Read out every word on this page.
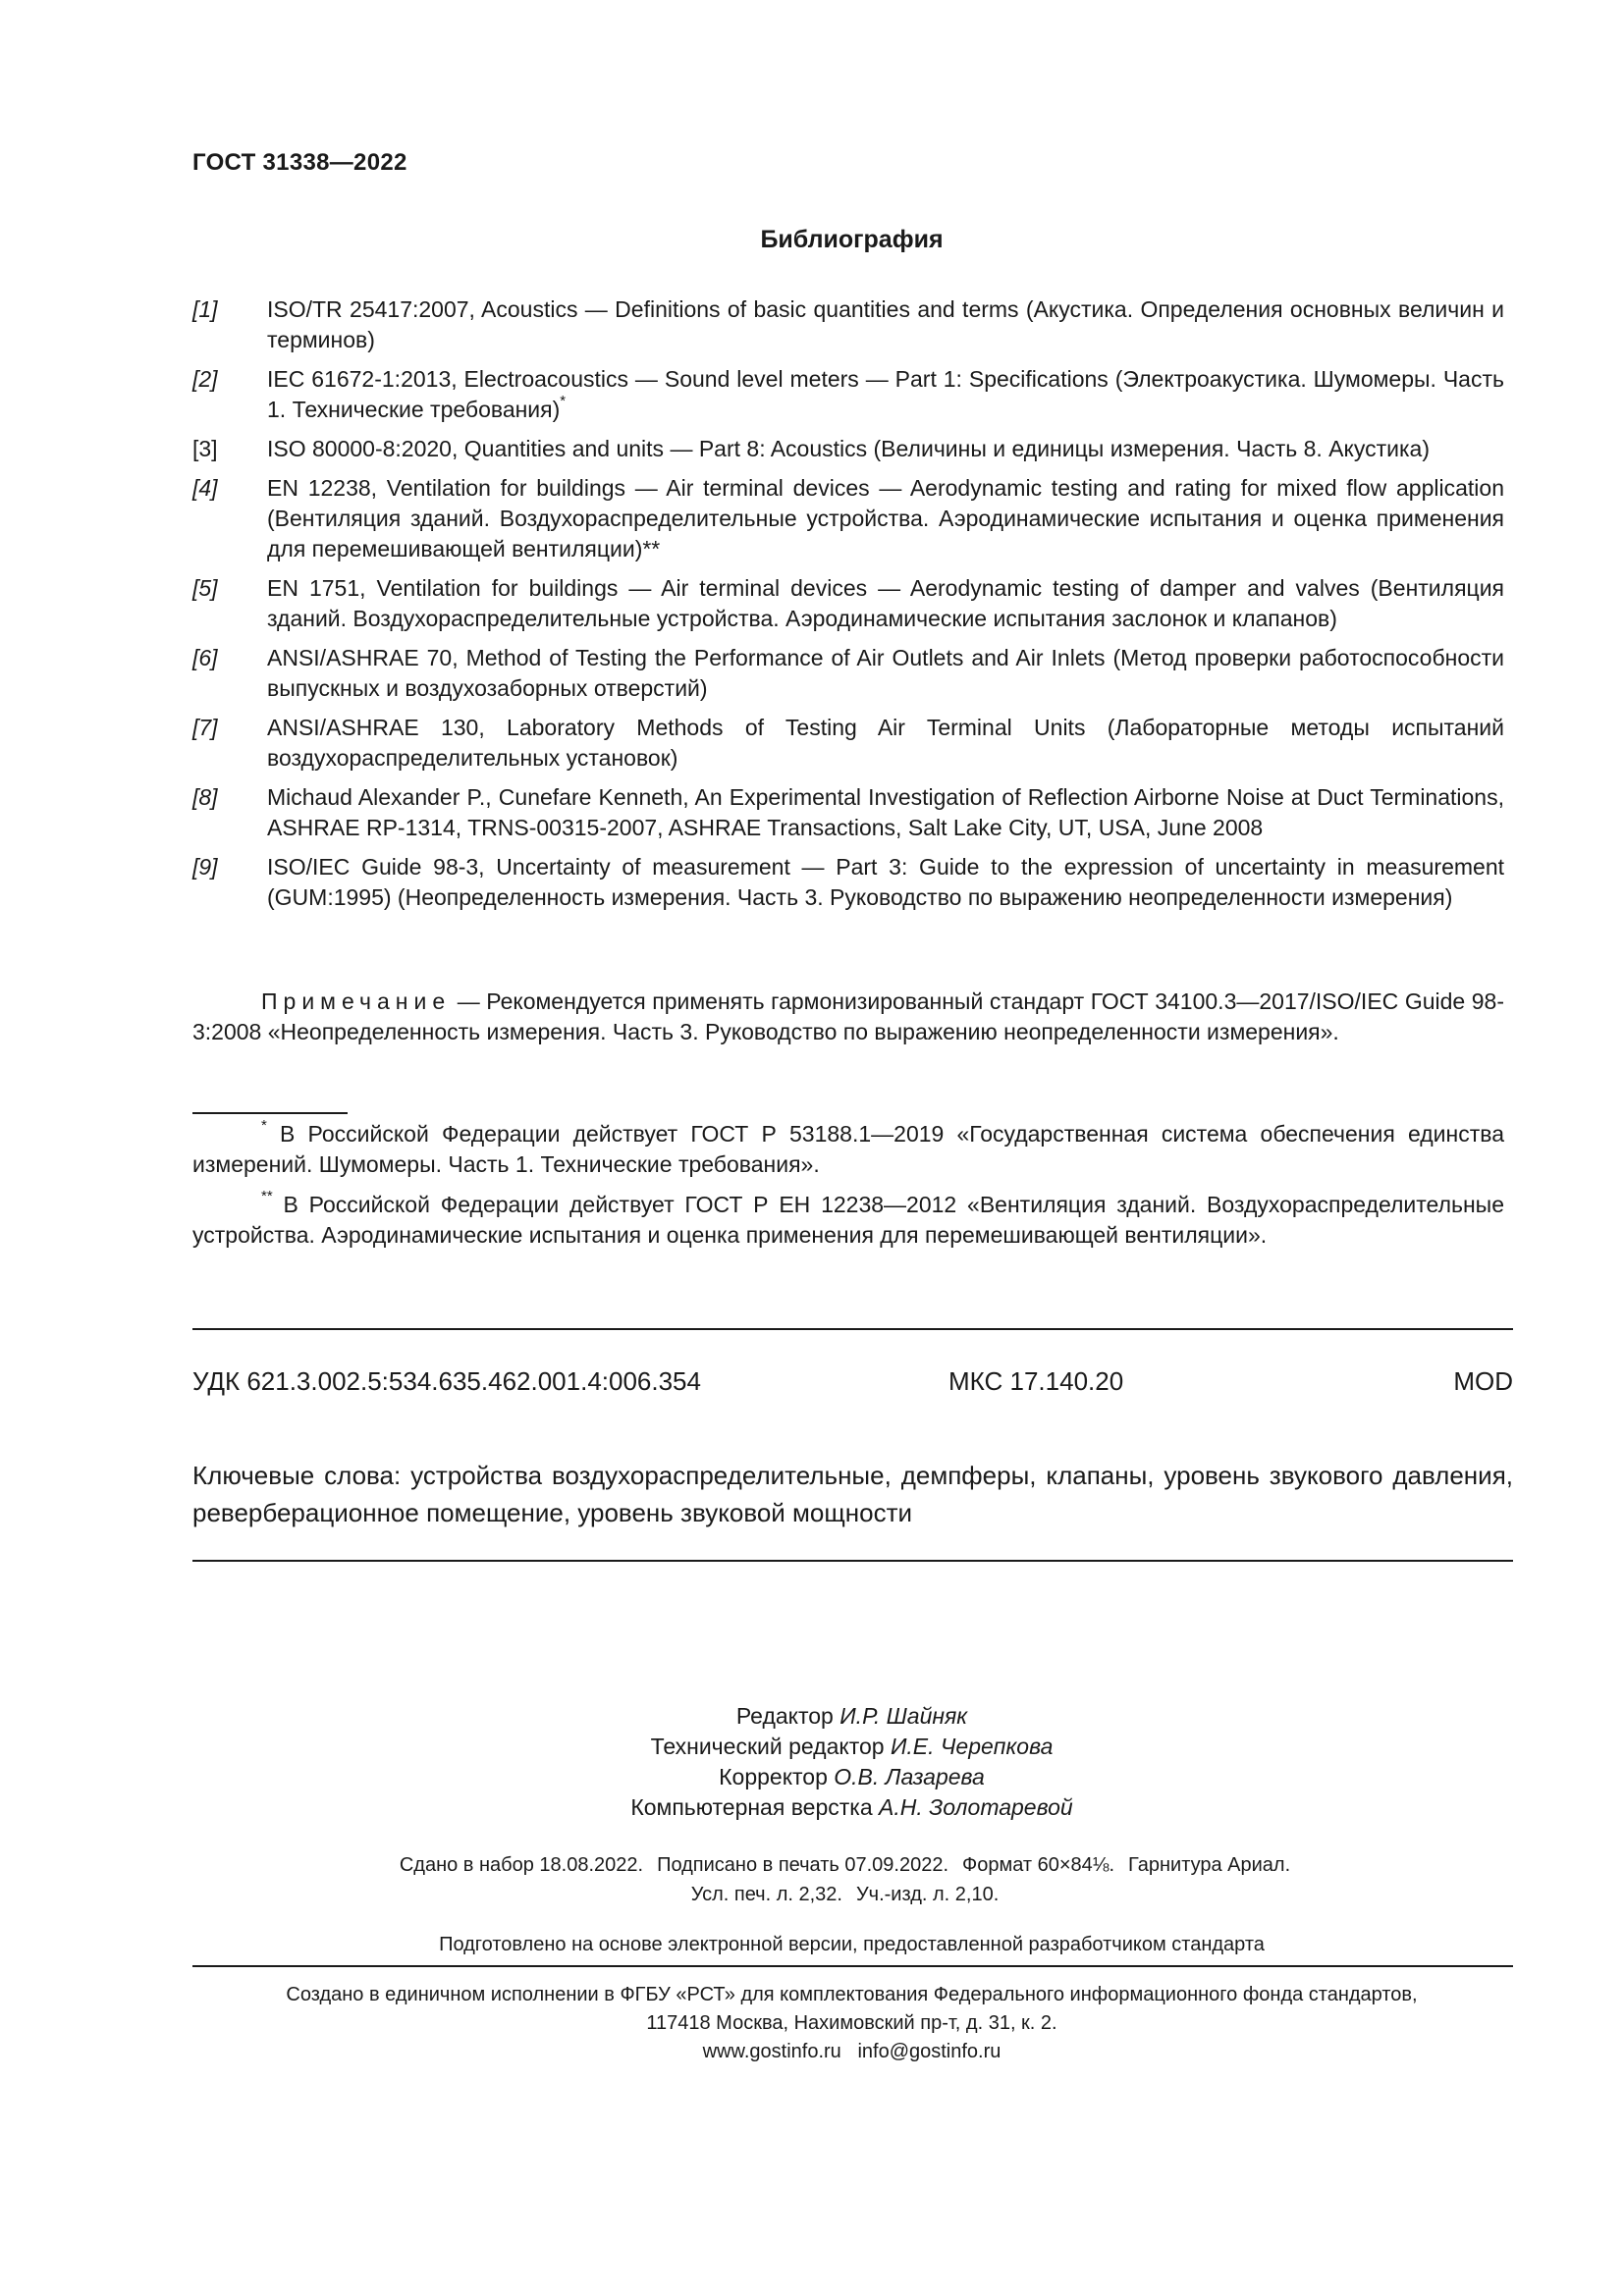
ГОСТ 31338—2022
Библиография
[1]	ISO/TR 25417:2007, Acoustics — Definitions of basic quantities and terms (Акустика. Определения основных величин и терминов)
[2]	IEC 61672-1:2013, Electroacoustics — Sound level meters — Part 1: Specifications (Электроакустика. Шумомеры. Часть 1. Технические требования)*
[3]	ISO 80000-8:2020, Quantities and units — Part 8: Acoustics (Величины и единицы измерения. Часть 8. Акустика)
[4]	EN 12238, Ventilation for buildings — Air terminal devices — Aerodynamic testing and rating for mixed flow application (Вентиляция зданий. Воздухораспределительные устройства. Аэродинамические испытания и оценка применения для перемешивающей вентиляции)**
[5]	EN 1751, Ventilation for buildings — Air terminal devices — Aerodynamic testing of damper and valves (Вентиляция зданий. Воздухораспределительные устройства. Аэродинамические испытания заслонок и клапанов)
[6]	ANSI/ASHRAE 70, Method of Testing the Performance of Air Outlets and Air Inlets (Метод проверки работоспособности выпускных и воздухозаборных отверстий)
[7]	ANSI/ASHRAE 130, Laboratory Methods of Testing Air Terminal Units (Лабораторные методы испытаний воздухораспределительных установок)
[8]	Michaud Alexander P., Cunefare Kenneth, An Experimental Investigation of Reflection Airborne Noise at Duct Terminations, ASHRAE RP-1314, TRNS-00315-2007, ASHRAE Transactions, Salt Lake City, UT, USA, June 2008
[9]	ISO/IEC Guide 98-3, Uncertainty of measurement — Part 3: Guide to the expression of uncertainty in measurement (GUM:1995) (Неопределенность измерения. Часть 3. Руководство по выражению неопределенности измерения)
Примечание — Рекомендуется применять гармонизированный стандарт ГОСТ 34100.3—2017/ISO/IEC Guide 98-3:2008 «Неопределенность измерения. Часть 3. Руководство по выражению неопределенности измерения».
* В Российской Федерации действует ГОСТ Р 53188.1—2019 «Государственная система обеспечения единства измерений. Шумомеры. Часть 1. Технические требования».
** В Российской Федерации действует ГОСТ Р ЕН 12238—2012 «Вентиляция зданий. Воздухораспределительные устройства. Аэродинамические испытания и оценка применения для перемешивающей вентиляции».
УДК 621.3.002.5:534.635.462.001.4:006.354	МКС 17.140.20	MOD
Ключевые слова: устройства воздухораспределительные, демпферы, клапаны, уровень звукового давления, реверберационное помещение, уровень звуковой мощности
Редактор И.Р. Шайняк
Технический редактор И.Е. Черепкова
Корректор О.В. Лазарева
Компьютерная верстка А.Н. Золотаревой
Сдано в набор 18.08.2022. Подписано в печать 07.09.2022. Формат 60×84⅛. Гарнитура Ариал.
Усл. печ. л. 2,32. Уч.-изд. л. 2,10.
Подготовлено на основе электронной версии, предоставленной разработчиком стандарта
Создано в единичном исполнении в ФГБУ «РСТ» для комплектования Федерального информационного фонда стандартов,
117418 Москва, Нахимовский пр-т, д. 31, к. 2.
www.gostinfo.ru info@gostinfo.ru
